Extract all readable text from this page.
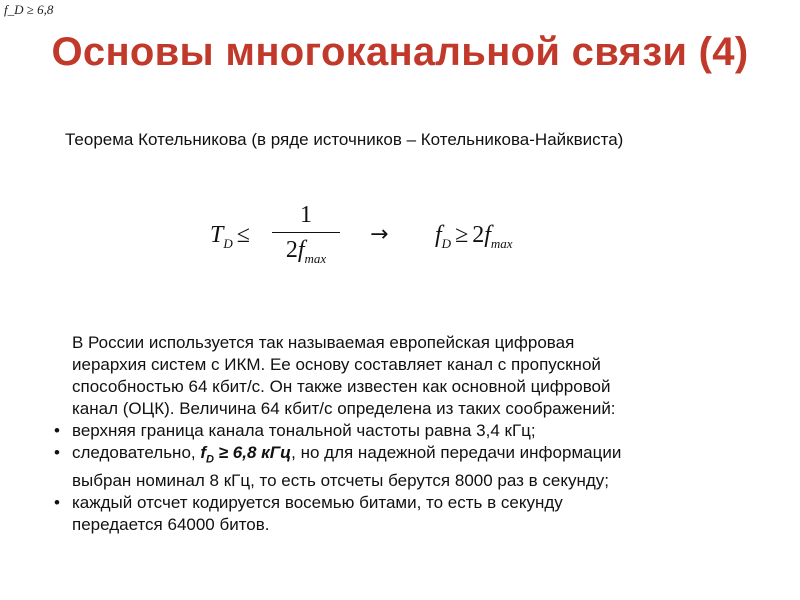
f_D ≥ 6,8
Основы многоканальной связи (4)
Теорема Котельникова (в ряде источников – Котельникова-Найквиста)
$T_D$ ≤
1
$2f_{max}$
→ $f_D \ge 2f_{max}$
В России используется так называемая европейская цифровая
иерархия систем с ИКМ. Ее основу составляет канал с пропускной
способностью 64 кбит/с. Он также известен как основной цифровой
канал (ОЦК). Величина 64 кбит/с определена из таких соображений:
• верхняя граница канала тональной частоты равна 3,4 кГц;
• следовательно, $f_D \ge 6,8$ кГц, но для надежной передачи информации
выбран номинал 8 кГц, то есть отсчеты берутся 8000 раз в секунду;
• каждый отсчет кодируется восемью битами, то есть в секунду
передается 64000 битов.
